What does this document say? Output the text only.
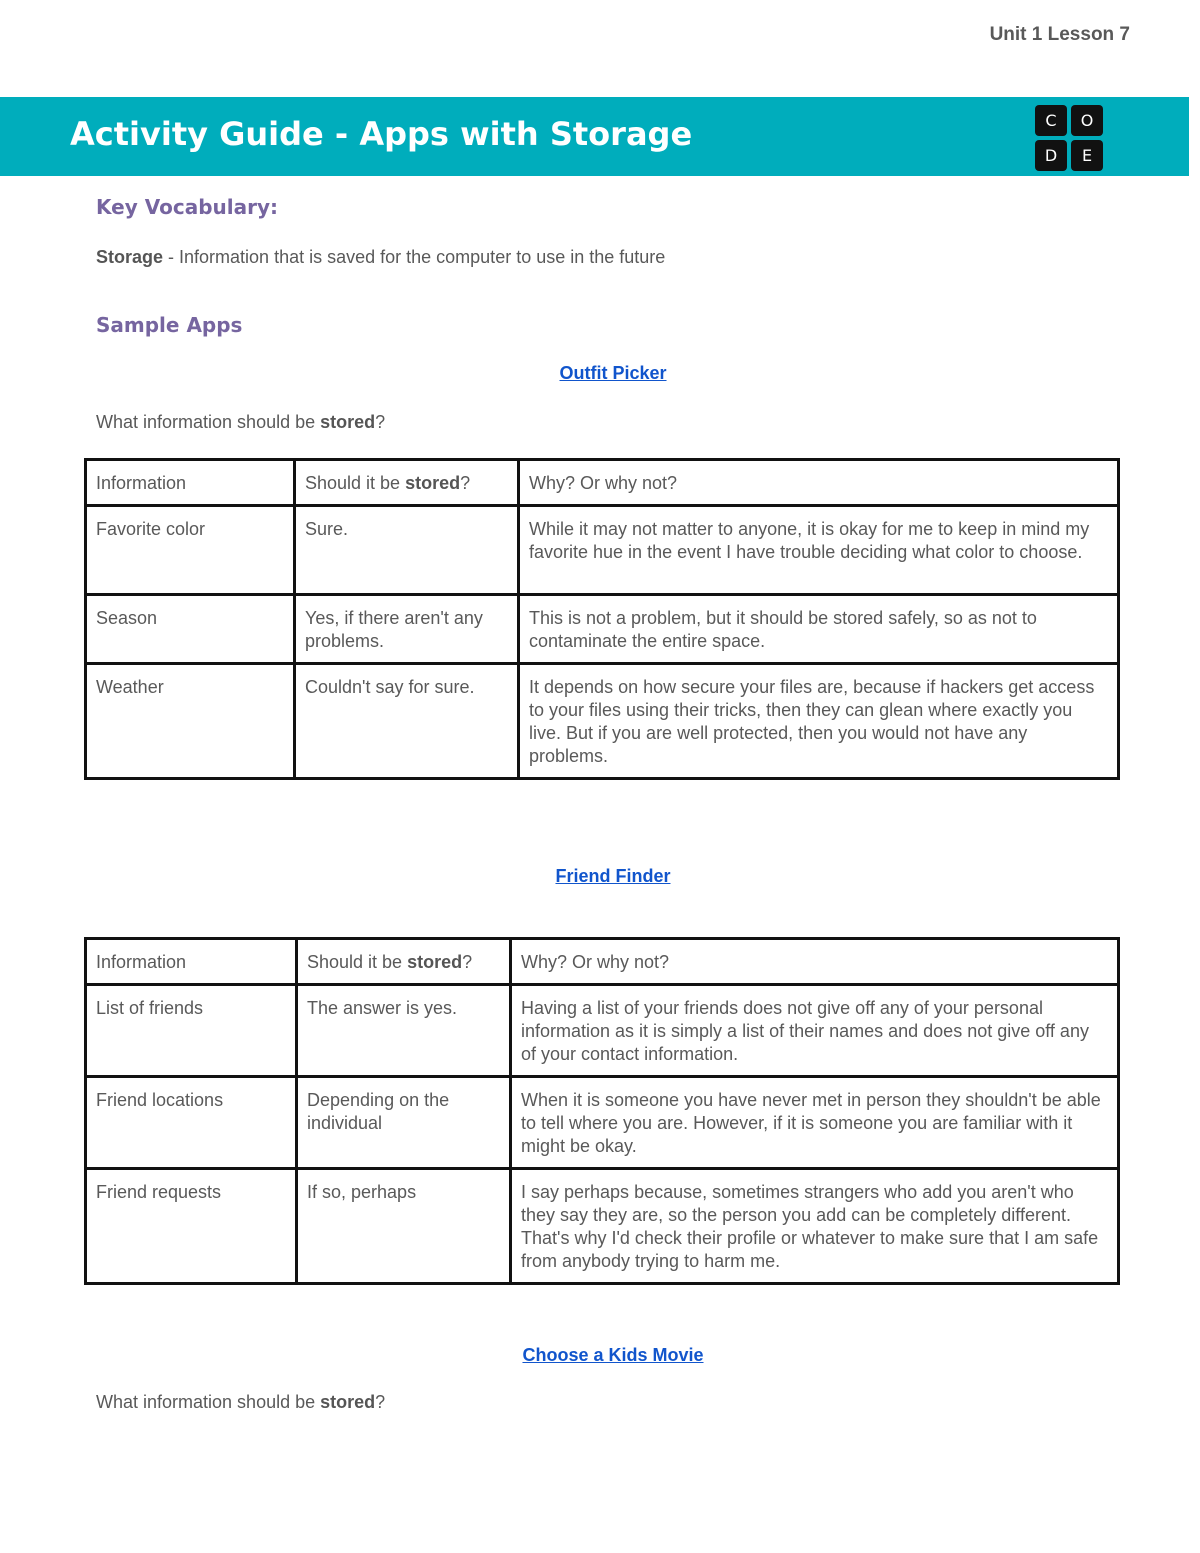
Unit 1 Lesson 7
Activity Guide - Apps with Storage	C	O
D	E
Key Vocabulary:
Storage - Information that is saved for the computer to use in the future
Sample Apps
Outfit Picker
What information should be stored?
Information	Should it be stored?	Why? Or why not?
Favorite color	Sure.	While it may not matter to anyone, it is okay for me to keep in mind my favorite hue in the event I have trouble deciding what color to choose.
Season	Yes, if there aren't any problems.	This is not a problem, but it should be stored safely, so as not to contaminate the entire space.
Weather	Couldn't say for sure.	It depends on how secure your files are, because if hackers get access to your files using their tricks, then they can glean where exactly you live. But if you are well protected, then you would not have any problems.
Friend Finder
Information	Should it be stored?	Why? Or why not?
List of friends	The answer is yes.	Having a list of your friends does not give off any of your personal information as it is simply a list of their names and does not give off any of your contact information.
Friend locations	Depending on the individual	When it is someone you have never met in person they shouldn't be able to tell where you are. However, if it is someone you are familiar with it might be okay.
Friend requests	If so, perhaps	I say perhaps because, sometimes strangers who add you aren't who they say they are, so the person you add can be completely different. That's why I'd check their profile or whatever to make sure that I am safe from anybody trying to harm me.
Choose a Kids Movie
What information should be stored?
